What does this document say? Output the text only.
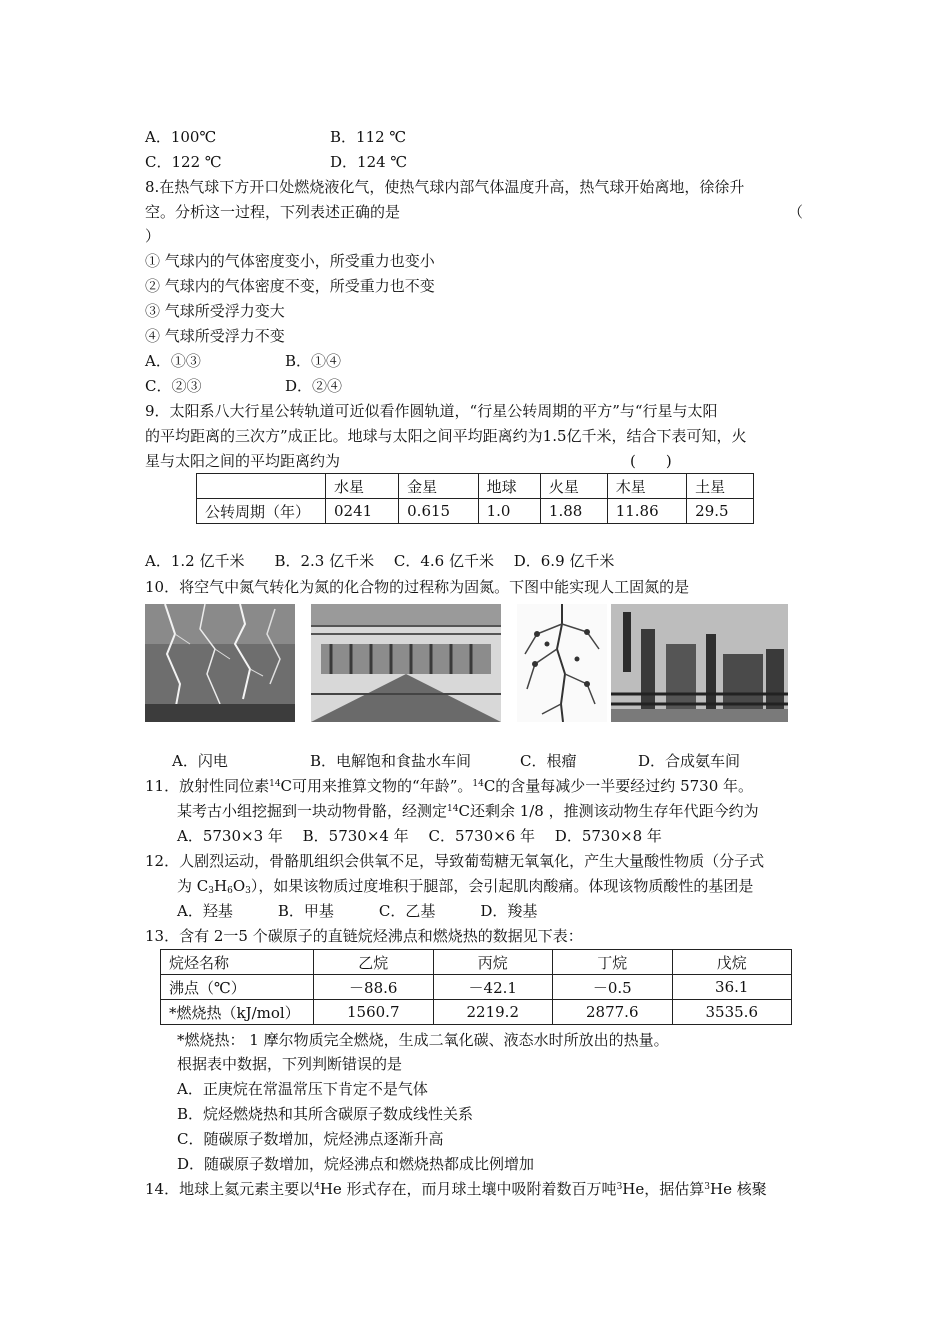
A．100℃	B．112 ℃
C．122 ℃	D．124 ℃
8.在热气球下方开口处燃烧液化气，使热气球内部气体温度升高，热气球开始离地，徐徐升
空。分析这一过程，下列表述正确的是	（
）
① 气球内的气体密度变小，所受重力也变小
② 气球内的气体密度不变，所受重力也不变
③ 气球所受浮力变大
④ 气球所受浮力不变
A．①③	B．①④
C．②③	D．②④
9．太阳系八大行星公转轨道可近似看作圆轨道，“行星公转周期的平方”与“行星与太阳
的平均距离的三次方”成正比。地球与太阳之间平均距离约为1.5亿千米，结合下表可知，火
星与太阳之间的平均距离约为	(　　)
	水星	金星	地球	火星	木星	土星
公转周期（年）	0241	0.615	1.0	1.88	11.86	29.5
A．1.2 亿千米　　B．2.3 亿千米　 C．4.6 亿千米　 D．6.9 亿千米
10．将空气中氮气转化为氮的化合物的过程称为固氮。下图中能实现人工固氮的是
A．闪电	B．电解饱和食盐水车间	C．根瘤	D．合成氨车间
11．放射性同位素$^{14}$C可用来推算文物的“年龄”。$^{14}$C的含量每减少一半要经过约 5730 年。
某考古小组挖掘到一块动物骨骼，经测定$^{14}$C还剩余 1/8 ，推测该动物生存年代距今约为
A．5730×3 年　 B．5730×4 年　 C．5730×6 年　 D．5730×8 年
12．人剧烈运动，骨骼肌组织会供氧不足，导致葡萄糖无氧氧化，产生大量酸性物质（分子式
为 $C_3H_6O_3$），如果该物质过度堆积于腿部，会引起肌肉酸痛。体现该物质酸性的基团是
A．羟基　　　B．甲基　　　C．乙基　　　D．羧基
13．含有 2一5 个碳原子的直链烷烃沸点和燃烧热的数据见下表：
烷烃名称	乙烷	丙烷	丁烷	戊烷
沸点（℃）	－88.6	－42.1	－0.5	36.1
*燃烧热（kJ/mol）	1560.7	2219.2	2877.6	3535.6
*燃烧热： 1 摩尔物质完全燃烧，生成二氧化碳、液态水时所放出的热量。
根据表中数据，下列判断错误的是
A．正庚烷在常温常压下肯定不是气体
B．烷烃燃烧热和其所含碳原子数成线性关系
C．随碳原子数增加，烷烃沸点逐渐升高
D．随碳原子数增加，烷烃沸点和燃烧热都成比例增加
14．地球上氦元素主要以$^4$He 形式存在，而月球土壤中吸附着数百万吨$^3$He，据估算$^3$He 核聚
